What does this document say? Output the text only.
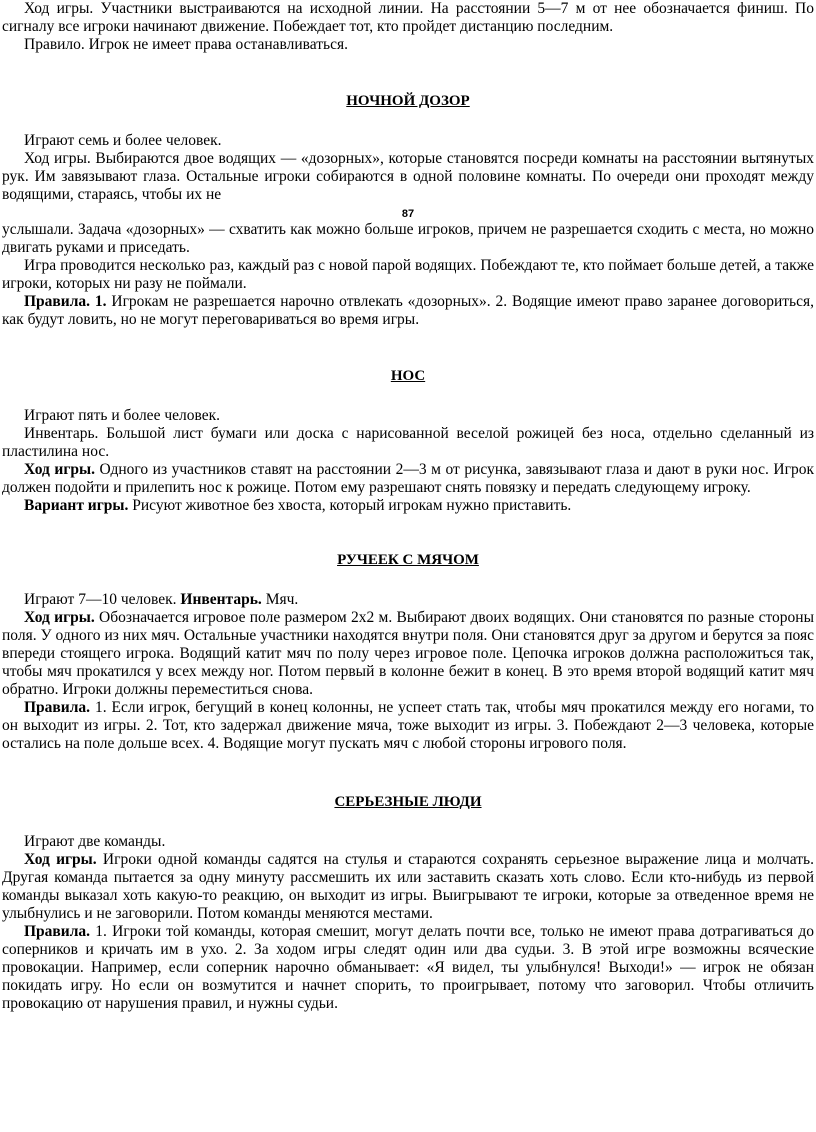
Ход игры. Участники выстраиваются на исходной линии. На расстоянии 5—7 м от нее обозначается финиш. По сигналу все игроки начинают движение. Побеждает тот, кто пройдет дистанцию последним.

Правило. Игрок не имеет права останавливаться.

НОЧНОЙ ДОЗОР

Играют семь и более человек.

Ход игры. Выбираются двое водящих — «дозорных», которые становятся посреди комнаты на расстоянии вытянутых рук. Им завязывают глаза. Остальные игроки собираются в одной половине комнаты. По очереди они проходят между водящими, стараясь, чтобы их не

87

услышали. Задача «дозорных» — схватить как можно больше игроков, причем не разрешается сходить с места, но можно двигать руками и приседать.

Игра проводится несколько раз, каждый раз с новой парой водящих. Побеждают те, кто поймает больше детей, а также игроки, которых ни разу не поймали.

Правила. 1. Игрокам не разрешается нарочно отвлекать «дозорных». 2. Водящие имеют право заранее договориться, как будут ловить, но не могут переговариваться во время игры.

НОС

Играют пять и более человек.

Инвентарь. Большой лист бумаги или доска с нарисованной веселой рожицей без носа, отдельно сделанный из пластилина нос.

Ход игры. Одного из участников ставят на расстоянии 2—3 м от рисунка, завязывают глаза и дают в руки нос. Игрок должен подойти и прилепить нос к рожице. Потом ему разрешают снять повязку и передать следующему игроку.

Вариант игры. Рисуют животное без хвоста, который игрокам нужно приставить.

РУЧЕЕК С МЯЧОМ

Играют 7—10 человек. Инвентарь. Мяч.

Ход игры. Обозначается игровое поле размером 2х2 м. Выбирают двоих водящих. Они становятся по разные стороны поля. У одного из них мяч. Остальные участники находятся внутри поля. Они становятся друг за другом и берутся за пояс впереди стоящего игрока. Водящий катит мяч по полу через игровое поле. Цепочка игроков должна расположиться так, чтобы мяч прокатился у всех между ног. Потом первый в колонне бежит в конец. В это время второй водящий катит мяч обратно. Игроки должны переместиться снова.

Правила. 1. Если игрок, бегущий в конец колонны, не успеет стать так, чтобы мяч прокатился между его ногами, то он выходит из игры. 2. Тот, кто задержал движение мяча, тоже выходит из игры. 3. Побеждают 2—3 человека, которые остались на поле дольше всех. 4. Водящие могут пускать мяч с любой стороны игрового поля.

СЕРЬЕЗНЫЕ ЛЮДИ

Играют две команды.

Ход игры. Игроки одной команды садятся на стулья и стараются сохранять серьезное выражение лица и молчать. Другая команда пытается за одну минуту рассмешить их или заставить сказать хоть слово. Если кто-нибудь из первой команды выказал хоть какую-то реакцию, он выходит из игры. Выигрывают те игроки, которые за отведенное время не улыбнулись и не заговорили. Потом команды меняются местами.

Правила. 1. Игроки той команды, которая смешит, могут делать почти все, только не имеют права дотрагиваться до соперников и кричать им в ухо. 2. За ходом игры следят один или два судьи. 3. В этой игре возможны всяческие провокации. Например, если соперник нарочно обманывает: «Я видел, ты улыбнулся! Выходи!» — игрок не обязан покидать игру. Но если он возмутится и начнет спорить, то проигрывает, потому что заговорил. Чтобы отличить провокацию от нарушения правил, и нужны судьи.
